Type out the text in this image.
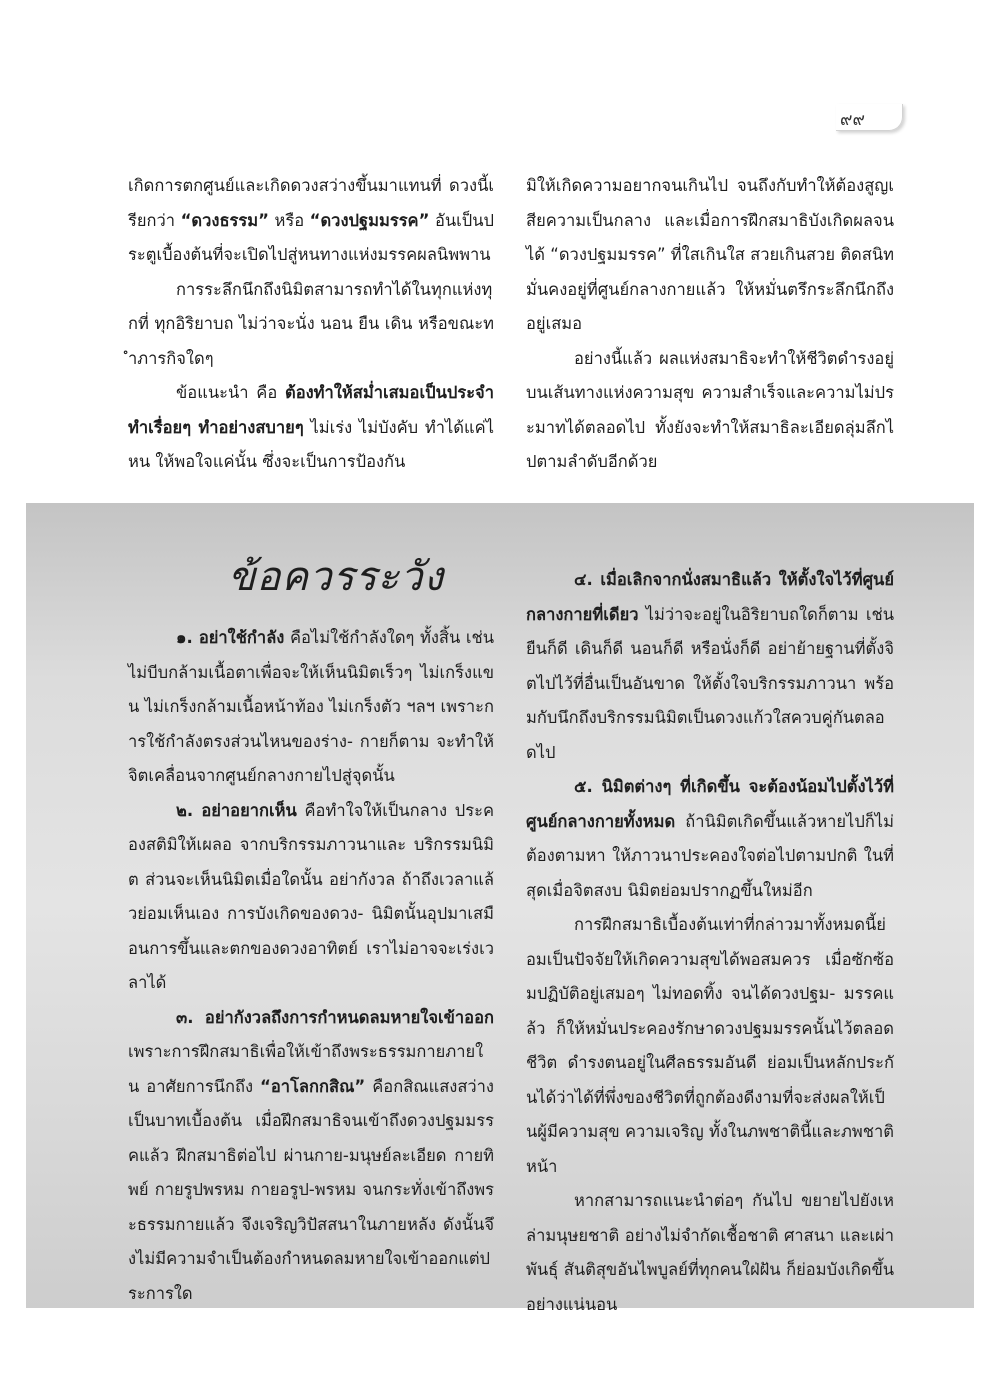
๙๙

เกิดการตกศูนย์และเกิดดวงสว่างขึ้นมาแทนที่ ดวงนี้เรียกว่า “ดวงธรรม” หรือ “ดวงปฐมมรรค” อันเป็นประตูเบื้องต้นที่จะเปิดไปสู่หนทางแห่งมรรคผลนิพพาน

การระลึกนึกถึงนิมิตสามารถทำได้ในทุกแห่งทุกที่ ทุกอิริยาบถ ไม่ว่าจะนั่ง นอน ยืน เดิน หรือขณะทำภารกิจใดๆ

ข้อแนะนำ คือ ต้องทำให้สม่ำเสมอเป็นประจำ ทำเรื่อยๆ ทำอย่างสบายๆ ไม่เร่ง ไม่บังคับ ทำได้แค่ไหน ให้พอใจแค่นั้น ซึ่งจะเป็นการป้องกัน

มิให้เกิดความอยากจนเกินไป จนถึงกับทำให้ต้องสูญเสียความเป็นกลาง และเมื่อการฝึกสมาธิบังเกิดผลจนได้ “ดวงปฐมมรรค” ที่ใสเกินใส สวยเกินสวย ติดสนิทมั่นคงอยู่ที่ศูนย์กลางกายแล้ว ให้หมั่นตรึกระลึกนึกถึงอยู่เสมอ

อย่างนี้แล้ว ผลแห่งสมาธิจะทำให้ชีวิตดำรงอยู่บนเส้นทางแห่งความสุข ความสำเร็จและความไม่ประมาทได้ตลอดไป ทั้งยังจะทำให้สมาธิละเอียดลุ่มลึกไปตามลำดับอีกด้วย

ข้อควรระวัง

๑. อย่าใช้กำลัง คือไม่ใช้กำลังใดๆ ทั้งสิ้น เช่น ไม่บีบกล้ามเนื้อตาเพื่อจะให้เห็นนิมิตเร็วๆ ไม่เกร็งแขน ไม่เกร็งกล้ามเนื้อหน้าท้อง ไม่เกร็งตัว ฯลฯ เพราะการใช้กำลังตรงส่วนไหนของร่าง- กายก็ตาม จะทำให้จิตเคลื่อนจากศูนย์กลางกายไปสู่จุดนั้น

๒. อย่าอยากเห็น คือทำใจให้เป็นกลาง ประคองสติมิให้เผลอ จากบริกรรมภาวนาและ บริกรรมนิมิต ส่วนจะเห็นนิมิตเมื่อใดนั้น อย่ากังวล ถ้าถึงเวลาแล้วย่อมเห็นเอง การบังเกิดของดวง- นิมิตนั้นอุปมาเสมือนการขึ้นและตกของดวงอาทิตย์ เราไม่อาจจะเร่งเวลาได้

๓. อย่ากังวลถึงการกำหนดลมหายใจเข้าออก เพราะการฝึกสมาธิเพื่อให้เข้าถึงพระธรรมกายภายใน อาศัยการนึกถึง “อาโลกกสิณ” คือกสิณแสงสว่างเป็นบาทเบื้องต้น เมื่อฝึกสมาธิจนเข้าถึงดวงปฐมมรรคแล้ว ฝึกสมาธิต่อไป ผ่านกาย-มนุษย์ละเอียด กายทิพย์ กายรูปพรหม กายอรูป-พรหม จนกระทั่งเข้าถึงพระธรรมกายแล้ว จึงเจริญวิปัสสนาในภายหลัง ดังนั้นจึงไม่มีความจำเป็นต้องกำหนดลมหายใจเข้าออกแต่ประการใด

๔. เมื่อเลิกจากนั่งสมาธิแล้ว ให้ตั้งใจไว้ที่ศูนย์กลางกายที่เดียว ไม่ว่าจะอยู่ในอิริยาบถใดก็ตาม เช่น ยืนก็ดี เดินก็ดี นอนก็ดี หรือนั่งก็ดี อย่าย้ายฐานที่ตั้งจิตไปไว้ที่อื่นเป็นอันขาด ให้ตั้งใจบริกรรมภาวนา พร้อมกับนึกถึงบริกรรมนิมิตเป็นดวงแก้วใสควบคู่กันตลอดไป

๕. นิมิตต่างๆ ที่เกิดขึ้น จะต้องน้อมไปตั้งไว้ที่ศูนย์กลางกายทั้งหมด ถ้านิมิตเกิดขึ้นแล้วหายไปก็ไม่ต้องตามหา ให้ภาวนาประคองใจต่อไปตามปกติ ในที่สุดเมื่อจิตสงบ นิมิตย่อมปรากฏขึ้นใหม่อีก

การฝึกสมาธิเบื้องต้นเท่าที่กล่าวมาทั้งหมดนี้ย่อมเป็นปัจจัยให้เกิดความสุขได้พอสมควร เมื่อซักซ้อมปฏิบัติอยู่เสมอๆ ไม่ทอดทิ้ง จนได้ดวงปฐม- มรรคแล้ว ก็ให้หมั่นประคองรักษาดวงปฐมมรรคนั้นไว้ตลอดชีวิต ดำรงตนอยู่ในศีลธรรมอันดี ย่อมเป็นหลักประกันได้ว่าได้ที่พึ่งของชีวิตที่ถูกต้องดีงามที่จะส่งผลให้เป็นผู้มีความสุข ความเจริญ ทั้งในภพชาตินี้และภพชาติหน้า

หากสามารถแนะนำต่อๆ กันไป ขยายไปยังเหล่ามนุษยชาติ อย่างไม่จำกัดเชื้อชาติ ศาสนา และเผ่าพันธุ์ สันติสุขอันไพบูลย์ที่ทุกคนใฝ่ฝัน ก็ย่อมบังเกิดขึ้นอย่างแน่นอน
